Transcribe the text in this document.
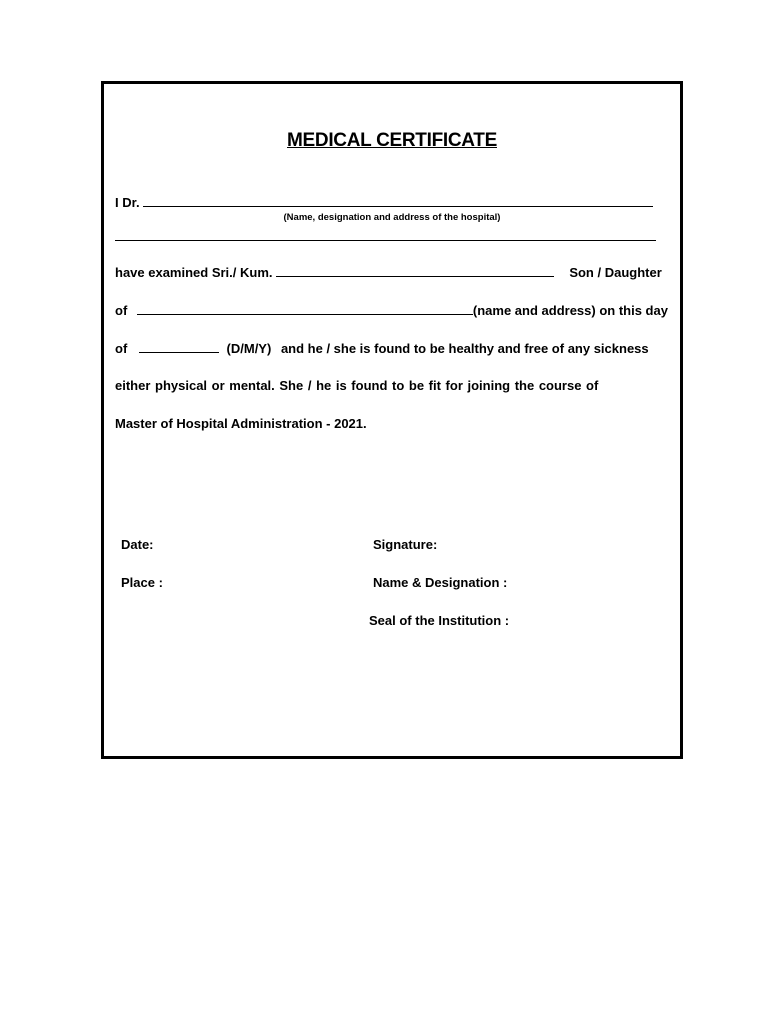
MEDICAL CERTIFICATE
I Dr.
(Name, designation and address of the hospital)
have examined Sri./ Kum.	Son / Daughter
of	(name and address) on this day
of	(D/M/Y) and he / she is found to be healthy and free of any sickness
either physical or mental. She / he is found to be fit for joining the course of
Master of Hospital Administration - 2021.
Date:
Place :
Signature:
Name & Designation :
Seal of the Institution :
